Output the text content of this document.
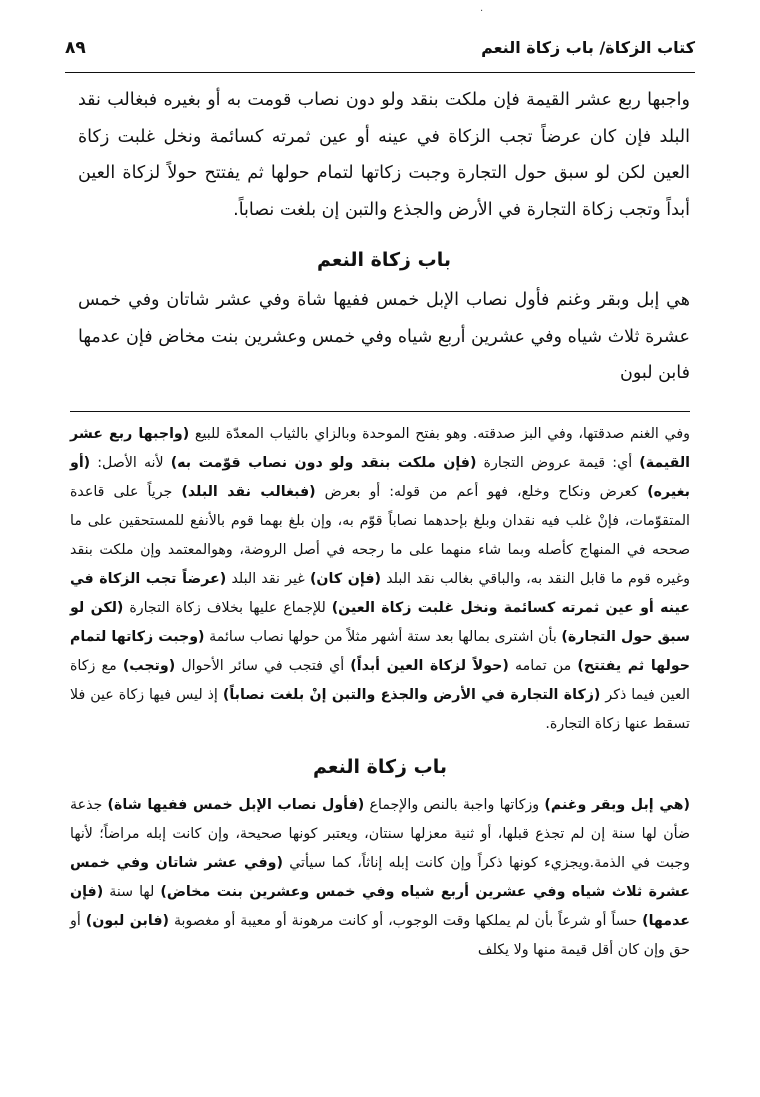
·
كتاب الزكاة/ باب زكاة النعم
٨٩

واجبها ربع عشر القيمة فإن ملكت بنقد ولو دون نصاب قومت به أو بغيره فبغالب نقد البلد فإن كان عرضاً تجب الزكاة في عينه أو عين ثمرته كسائمة ونخل غلبت زكاة العين لكن لو سبق حول التجارة وجبت زكاتها لتمام حولها ثم يفتتح حولاً لزكاة العين أبداً وتجب زكاة التجارة في الأرض والجذع والتبن إن بلغت نصاباً.

باب زكاة النعم

هي إبل وبقر وغنم فأول نصاب الإبل خمس ففيها شاة وفي عشر شاتان وفي خمس عشرة ثلاث شياه وفي عشرين أربع شياه وفي خمس وعشرين بنت مخاض فإن عدمها فابن لبون

وفي الغنم صدقتها، وفي البز صدقته. وهو بفتح الموحدة وبالزاي بالثياب المعدّة للبيع (واجبها ربع عشر القيمة) أي: قيمة عروض التجارة (فإن ملكت بنقد ولو دون نصاب قوّمت به) لأنه الأصل: (أو بغيره) كعرض ونكاح وخلع، فهو أعم من قوله: أو بعرض (فبغالب نقد البلد) جرياً على قاعدة المتقوّمات، فإنْ غلب فيه نقدان وبلغ بإحدهما نصاباً قوّم به، وإن بلغ بهما قوم بالأنفع للمستحقين على ما صححه في المنهاج كأصله وبما شاء منهما على ما رجحه في أصل الروضة، وهوالمعتمد وإن ملكت بنقد وغيره قوم ما قابل النقد به، والباقي بغالب نقد البلد (فإن كان) غير نقد البلد (عرضاً تجب الزكاة في عينه أو عين ثمرته كسائمة ونخل غلبت زكاة العين) للإجماع عليها بخلاف زكاة التجارة (لكن لو سبق حول التجارة) بأن اشترى بمالها بعد ستة أشهر مثلاً من حولها نصاب سائمة (وجبت زكاتها لتمام حولها ثم يفتتح) من تمامه (حولاً لزكاة العين أبداً) أي فتجب في سائر الأحوال (وتجب) مع زكاة العين فيما ذكر (زكاة التجارة في الأرض والجذع والتبن إنْ بلغت نصاباً) إذ ليس فيها زكاة عين فلا تسقط عنها زكاة التجارة.

باب زكاة النعم

(هي إبل وبقر وغنم) وزكاتها واجبة بالنص والإجماع (فأول نصاب الإبل خمس ففيها شاة) جذعة ضأن لها سنة إن لم تجذع قبلها، أو ثنية معزلها سنتان، ويعتبر كونها صحيحة، وإن كانت إبله مراضاً؛ لأنها وجبت في الذمة.ويجزيء كونها ذكراً وإن كانت إبله إناثاً، كما سيأتي (وفي عشر شاتان وفي خمس عشرة ثلاث شياه وفي عشرين أربع شياه وفي خمس وعشرين بنت مخاض) لها سنة (فإن عدمها) حساً أو شرعاً بأن لم يملكها وقت الوجوب، أو كانت مرهونة أو معيبة أو مغصوبة (فابن لبون) أو حق وإن كان أقل قيمة منها ولا يكلف
